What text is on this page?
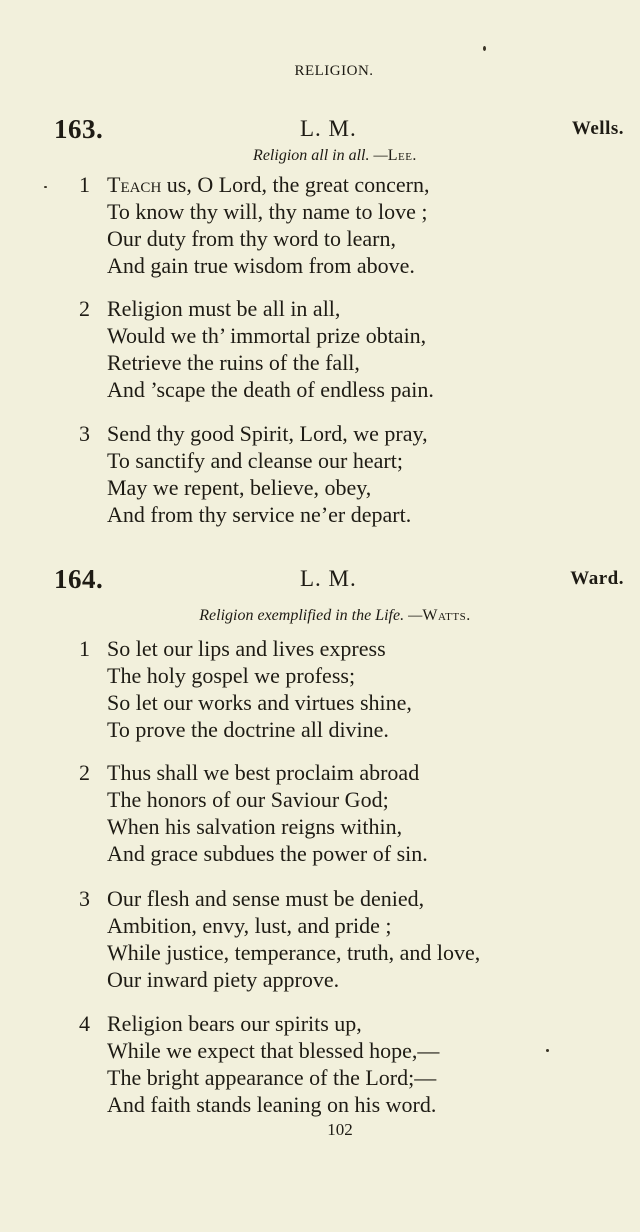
RELIGION.
163.	L. M.	Wells.
Religion all in all. —Lee.
1 Teach us, O Lord, the great concern,
To know thy will, thy name to love ;
Our duty from thy word to learn,
And gain true wisdom from above.
2 Religion must be all in all,
Would we th’ immortal prize obtain,
Retrieve the ruins of the fall,
And ’scape the death of endless pain.
3 Send thy good Spirit, Lord, we pray,
To sanctify and cleanse our heart;
May we repent, believe, obey,
And from thy service ne’er depart.
164.	L. M.	Ward.
Religion exemplified in the Life. —Watts.
1 So let our lips and lives express
The holy gospel we profess;
So let our works and virtues shine,
To prove the doctrine all divine.
2 Thus shall we best proclaim abroad
The honors of our Saviour God;
When his salvation reigns within,
And grace subdues the power of sin.
3 Our flesh and sense must be denied,
Ambition, envy, lust, and pride ;
While justice, temperance, truth, and love,
Our inward piety approve.
4 Religion bears our spirits up,
While we expect that blessed hope,—
The bright appearance of the Lord;—
And faith stands leaning on his word.
102
